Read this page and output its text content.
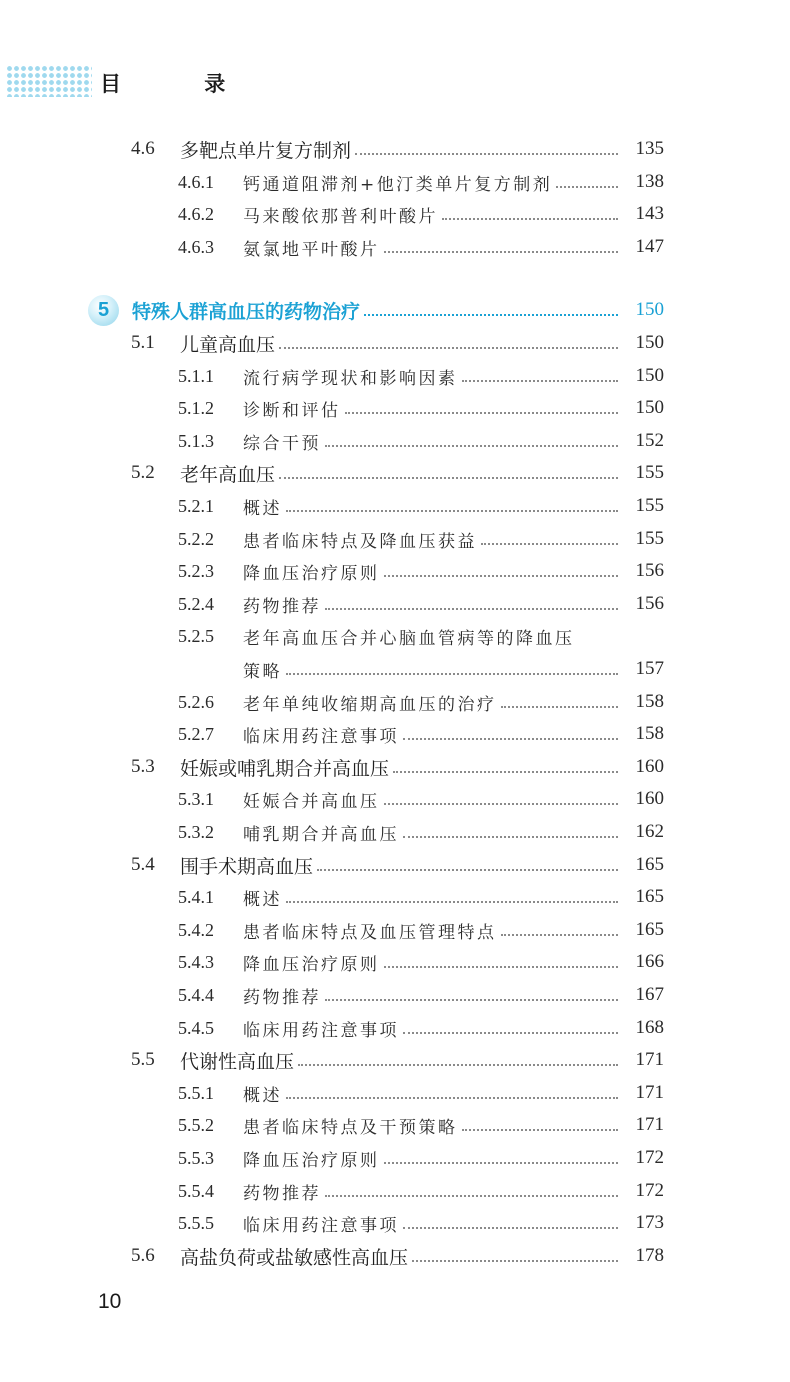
目 录
4.6 多靶点单片复方制剂	135
4.6.1 钙通道阻滞剂+他汀类单片复方制剂	138
4.6.2 马来酸依那普利叶酸片	143
4.6.3 氨氯地平叶酸片	147
5	特殊人群高血压的药物治疗	150
5.1 儿童高血压	150
5.1.1 流行病学现状和影响因素	150
5.1.2 诊断和评估	150
5.1.3 综合干预	152
5.2 老年高血压	155
5.2.1 概述	155
5.2.2 患者临床特点及降血压获益	155
5.2.3 降血压治疗原则	156
5.2.4 药物推荐	156
5.2.5 老年高血压合并心脑血管病等的降血压
策略	157
5.2.6 老年单纯收缩期高血压的治疗	158
5.2.7 临床用药注意事项	158
5.3 妊娠或哺乳期合并高血压	160
5.3.1 妊娠合并高血压	160
5.3.2 哺乳期合并高血压	162
5.4 围手术期高血压	165
5.4.1 概述	165
5.4.2 患者临床特点及血压管理特点	165
5.4.3 降血压治疗原则	166
5.4.4 药物推荐	167
5.4.5 临床用药注意事项	168
5.5 代谢性高血压	171
5.5.1 概述	171
5.5.2 患者临床特点及干预策略	171
5.5.3 降血压治疗原则	172
5.5.4 药物推荐	172
5.5.5 临床用药注意事项	173
5.6 高盐负荷或盐敏感性高血压	178
10
